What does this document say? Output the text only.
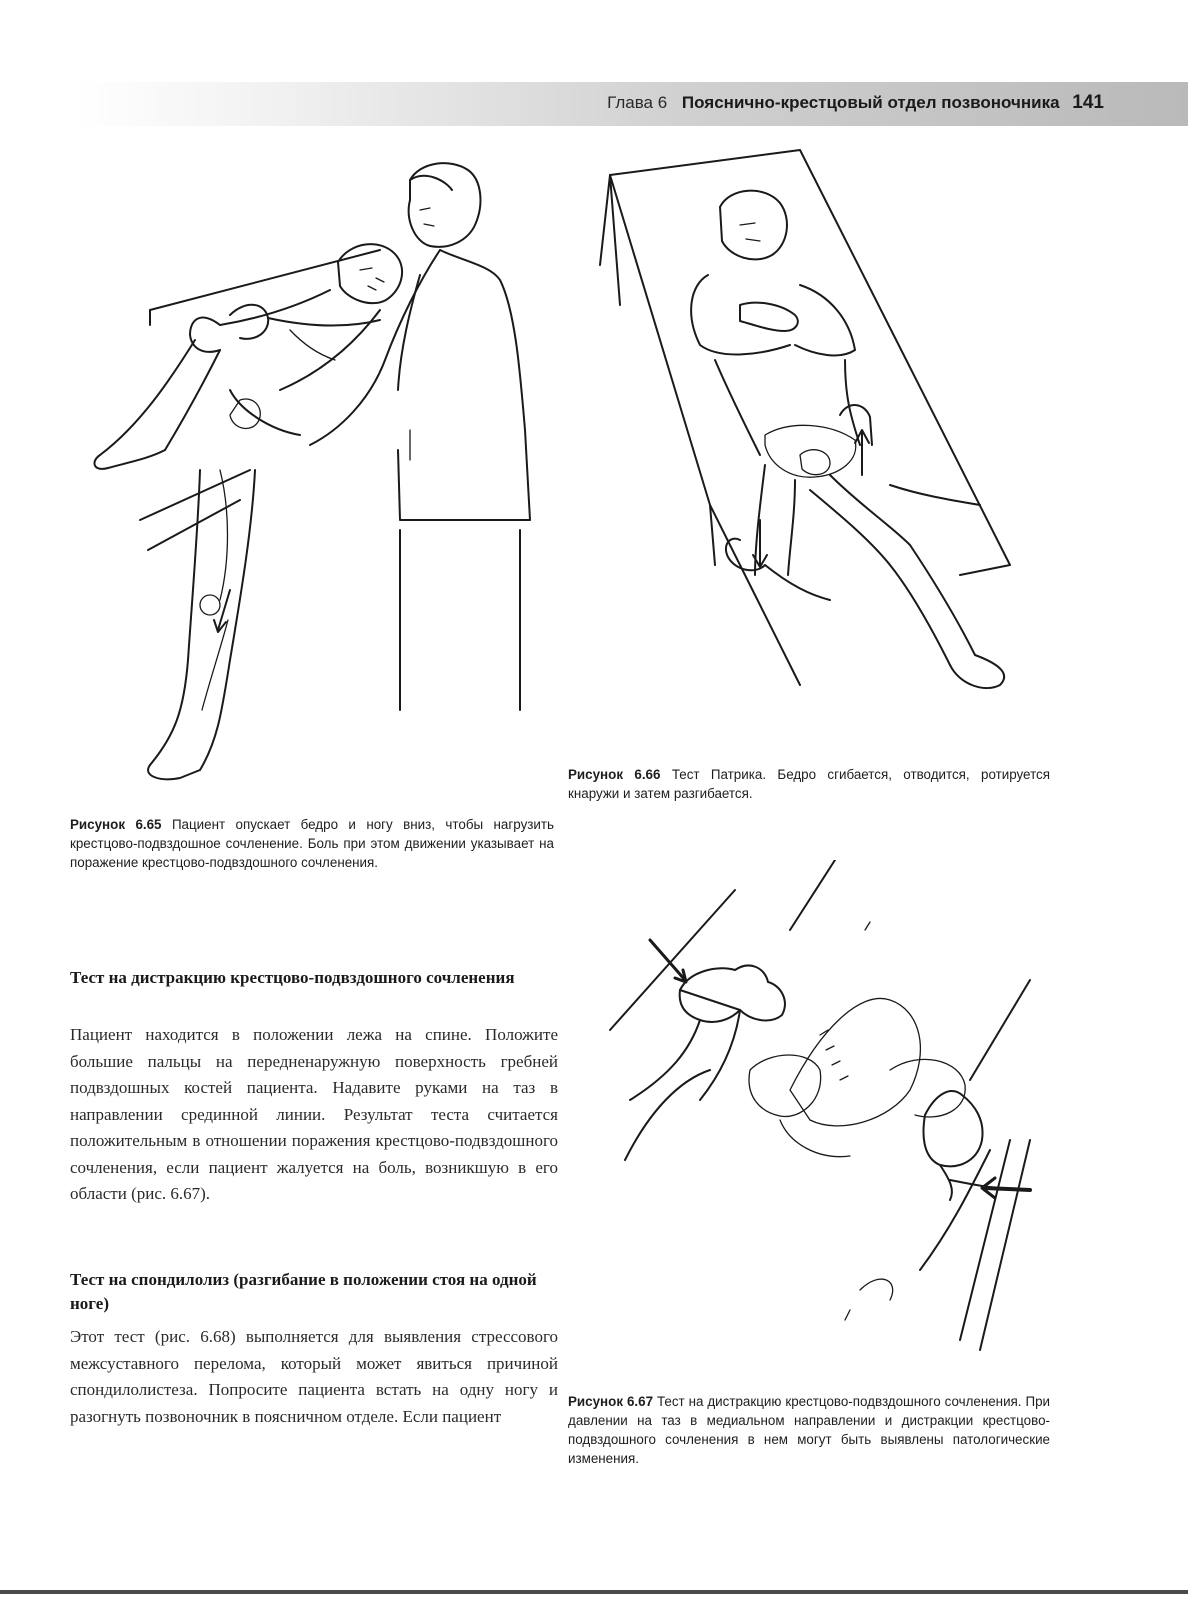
Глава 6 Пояснично-крестцовый отдел позвоночника 141
Рисунок 6.65 Пациент опускает бедро и ногу вниз, чтобы нагрузить крестцово-подвздошное сочленение. Боль при этом движении указывает на поражение крестцово-подвздошного сочленения.
Рисунок 6.66 Тест Патрика. Бедро сгибается, отводится, ротируется кнаружи и затем разгибается.
Рисунок 6.67 Тест на дистракцию крестцово-подвздошного сочленения. При давлении на таз в медиальном направлении и дистракции крестцово-подвздошного сочленения в нем могут быть выявлены патологические изменения.
Тест на дистракцию крестцово-подвздошного сочленения
Пациент находится в положении лежа на спине. Положите большие пальцы на передненаружную поверхность гребней подвздошных костей пациента. Надавите руками на таз в направлении срединной линии. Результат теста считается положительным в отношении поражения крестцово-подвздошного сочленения, если пациент жалуется на боль, возникшую в его области (рис. 6.67).
Тест на спондилолиз (разгибание в положении стоя на одной ноге)
Этот тест (рис. 6.68) выполняется для выявления стрессового межсуставного перелома, который может явиться причиной спондилолистеза. Попросите пациента встать на одну ногу и разогнуть позвоночник в поясничном отделе. Если пациент
